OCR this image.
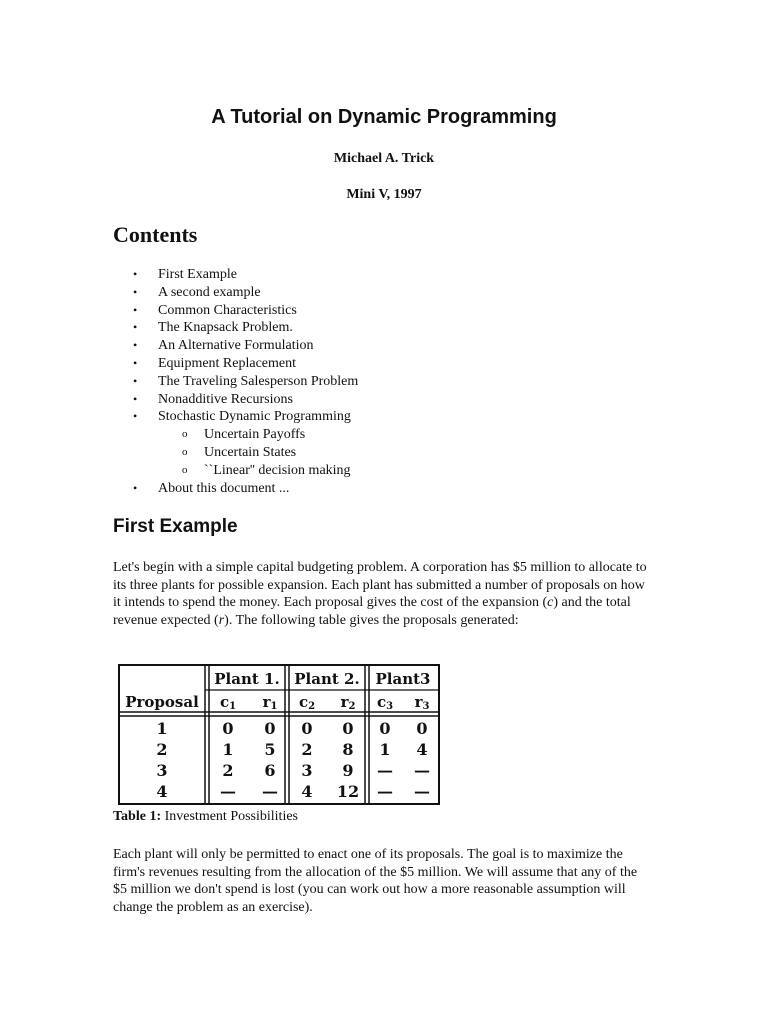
A Tutorial on Dynamic Programming
Michael A. Trick
Mini V, 1997
Contents
• First Example
• A second example
• Common Characteristics
• The Knapsack Problem.
• An Alternative Formulation
• Equipment Replacement
• The Traveling Salesperson Problem
• Nonadditive Recursions
• Stochastic Dynamic Programming
o Uncertain Payoffs
o Uncertain States
o ``Linear'' decision making
• About this document ...
First Example
Let's begin with a simple capital budgeting problem. A corporation has $5 million to allocate to its three plants for possible expansion. Each plant has submitted a number of proposals on how it intends to spend the money. Each proposal gives the cost of the expansion (c) and the total revenue expected (r). The following table gives the proposals generated:
Plant 1. Plant 2. Plant3
Proposal c1 r1 c2 r2 c3 r3
1	0 0 0 0 0 0
2	1 5 2 8 1 4
3	2 6 3 9 — —
4	— — 4 12 — —
Table 1: Investment Possibilities
Each plant will only be permitted to enact one of its proposals. The goal is to maximize the firm's revenues resulting from the allocation of the $5 million. We will assume that any of the $5 million we don't spend is lost (you can work out how a more reasonable assumption will change the problem as an exercise).
